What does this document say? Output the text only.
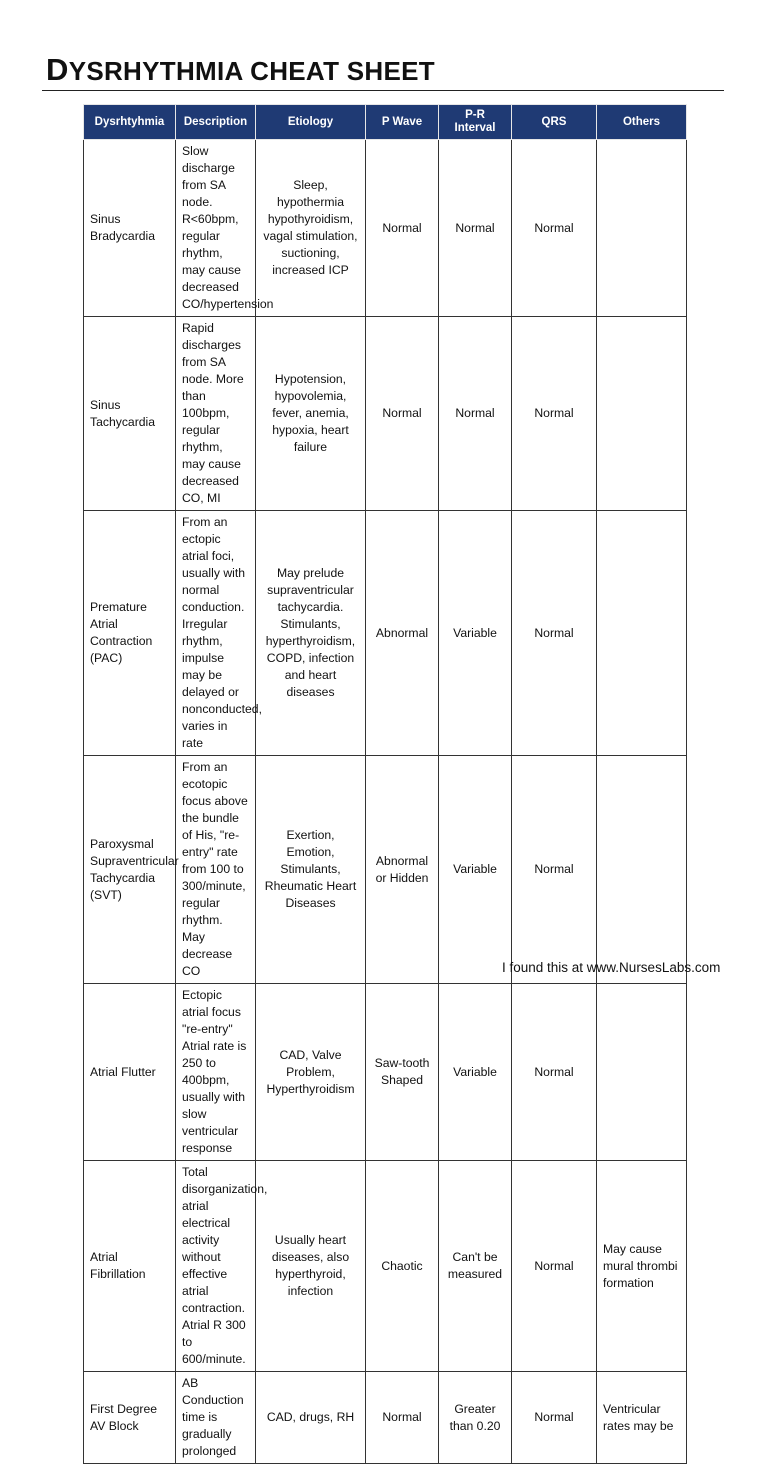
DYSRHYTHMIA CHEAT SHEET
Dysrhtyhmia	Description	Etiology	P Wave	P-R Interval	QRS	Others
Sinus Bradycardia	Slow discharge from SA node. R<60bpm, regular rhythm, may cause decreased CO/hypertension	Sleep, hypothermia hypothyroidism, vagal stimulation, suctioning, increased ICP	Normal	Normal	Normal	
Sinus Tachycardia	Rapid discharges from SA node. More than 100bpm, regular rhythm, may cause decreased CO, MI	Hypotension, hypovolemia, fever, anemia, hypoxia, heart failure	Normal	Normal	Normal	
Premature Atrial Contraction (PAC)	From an ectopic atrial foci, usually with normal conduction. Irregular rhythm, impulse may be delayed or nonconducted, varies in rate	May prelude supraventricular tachycardia. Stimulants, hyperthyroidism, COPD, infection and heart diseases	Abnormal	Variable	Normal	
Paroxysmal Supraventricular Tachycardia (SVT)	From an ecotopic focus above the bundle of His, "re-entry" rate from 100 to 300/minute, regular rhythm. May decrease CO	Exertion, Emotion, Stimulants, Rheumatic Heart Diseases	Abnormal or Hidden	Variable	Normal	
Atrial Flutter	Ectopic atrial focus "re-entry" Atrial rate is 250 to 400bpm, usually with slow ventricular response	CAD, Valve Problem, Hyperthyroidism	Saw-tooth Shaped	Variable	Normal	
Atrial Fibrillation	Total disorganization, atrial electrical activity without effective atrial contraction. Atrial R 300 to 600/minute.	Usually heart diseases, also hyperthyroid, infection	Chaotic	Can't be measured	Normal	May cause mural thrombi formation
First Degree AV Block	AB Conduction time is gradually prolonged	CAD, drugs, RH	Normal	Greater than 0.20	Normal	Ventricular rates may be
I found this at www.NursesLabs.com
